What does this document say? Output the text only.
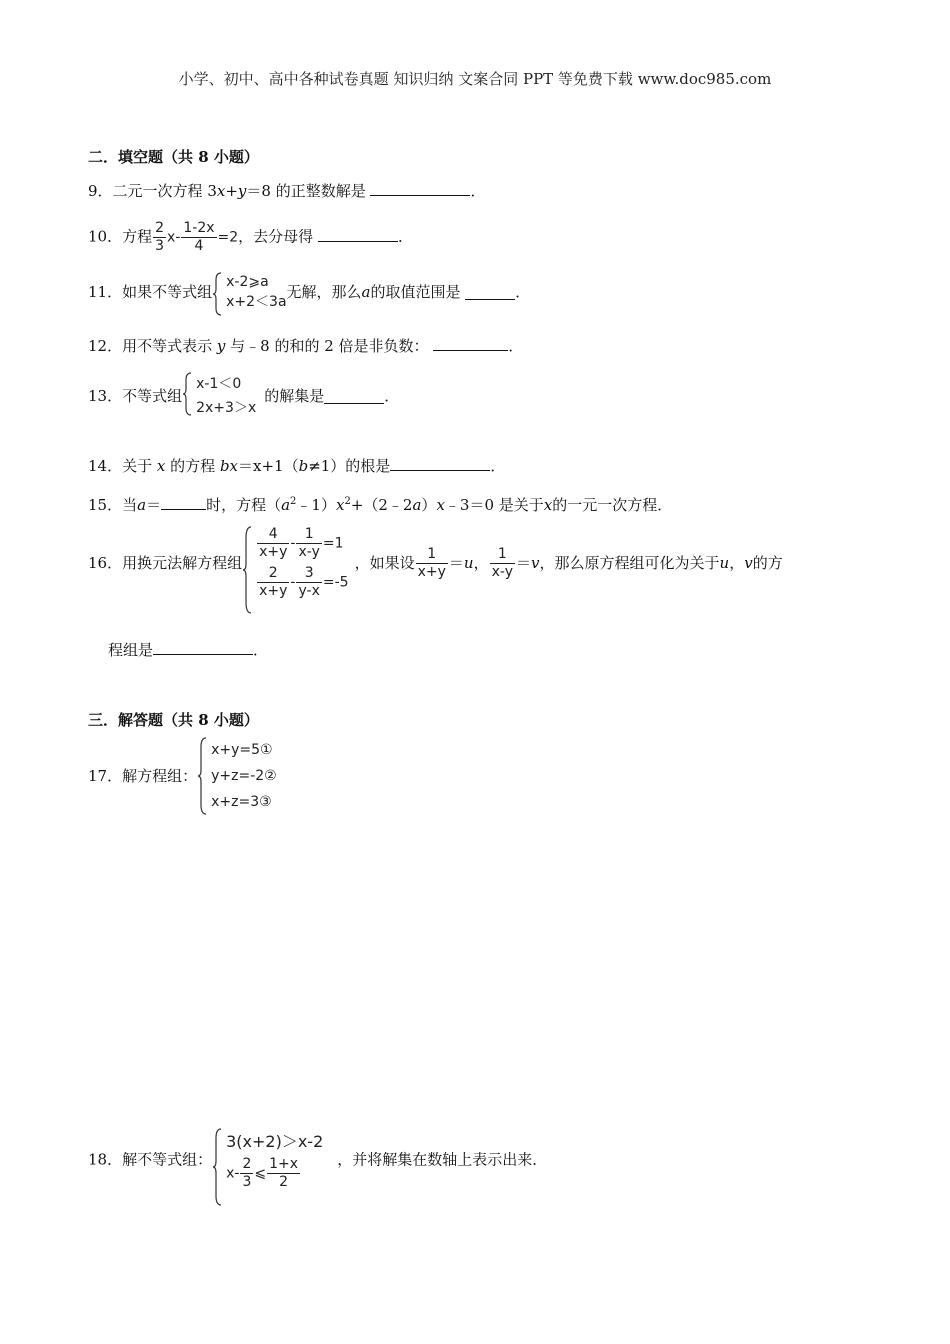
小学、初中、高中各种试卷真题 知识归纳 文案合同 PPT 等免费下载 www.doc985.com
二．填空题（共 8 小题）
9．二元一次方程 3x+y＝8 的正整数解是	．
10．方程 $\frac{2}{3} x- \frac{1-2x}{4} =2$，去分母得	．
11．如果不等式组
x-2⩾a
x+2＜3a
无解，那么a的取值范围是	．
12．用不等式表示 y 与﹣8 的和的 2 倍是非负数：	．
13．不等式组
x-1＜0
2x+3＞x
的解集是	．
14．关于 x 的方程 bx＝x+1（b≠1）的根是	．
15．当a＝	时，方程$(a^2﹣1)x^2+(2﹣2a)x﹣3=0$ 是关于x的一元一次方程．
16．用换元法解方程组
$\frac{4}{x+y} - \frac{1}{x-y} =1$
$\frac{2}{x+y} - \frac{3}{y-x} =-5$
，如果设 $\frac{1}{x+y} =u$， $\frac{1}{x-y} =v$，那么原方程组可化为关于u，v的方
程组是	．
三．解答题（共 8 小题）
17．解方程组：
x+y=5①
y+z=-2②
x+z=3③
18．解不等式组：
3(x+2)＞x-2
$x- \frac{2}{3}$ ⩽ $\frac{1+x}{2}$ ，并将解集在数轴上表示出来．
